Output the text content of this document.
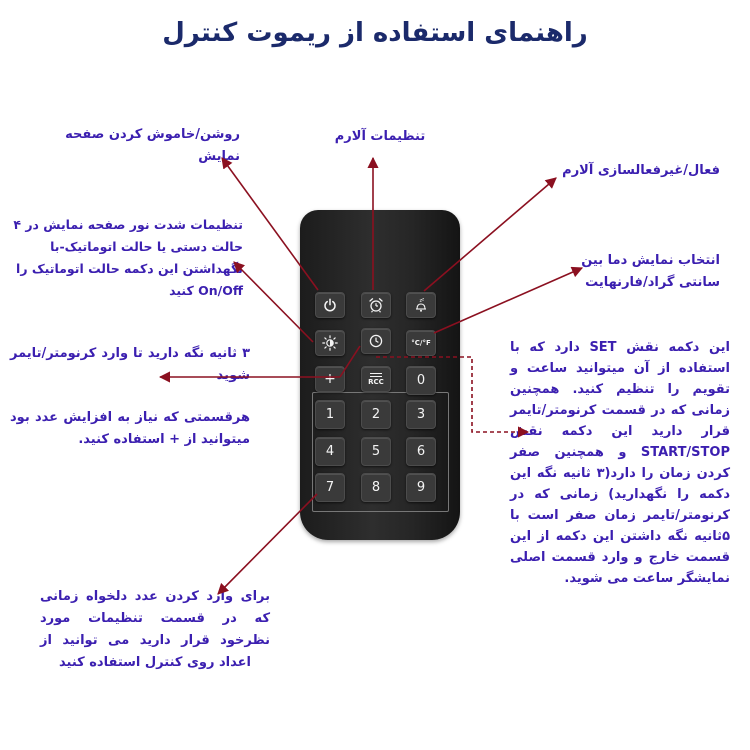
راهنمای استفاده از ریموت کنترل
روشن/خاموش کردن صفحه نمایش
تنظیمات آلارم
فعال/غیرفعالسازی آلارم
تنظیمات شدت نور صفحه نمایش در ۴ حالت دستی یا حالت اتوماتیک-با نگهداشتن این دکمه حالت اتوماتیک را On/Off کنید
انتخاب نمایش دما بین سانتی گراد/فارنهایت
این دکمه نقش SET دارد که با استفاده از آن میتوانید ساعت و تقویم را تنظیم کنید. همچنین زمانی که در قسمت کرنومتر/تایمر قرار دارید این دکمه نقش START/STOP و همچنین صفر کردن زمان را دارد(۳ ثانیه نگه این دکمه را نگهدارید) زمانی که در کرنومتر/تایمر زمان صفر است با ۵ثانیه نگه داشتن این دکمه از این قسمت خارج و وارد قسمت اصلی نمایشگر ساعت می شوید.
۳ ثانیه نگه دارید تا وارد کرنومتر/تایمر شوید
هرقسمتی که نیاز به افزایش عدد بود میتوانید از + استفاده کنید.
برای وارد کردن عدد دلخواه زمانی که در قسمت تنظیمات مورد نظرخود قرار دارید می توانید از اعداد روی کنترل استفاده کنید
z z
°C/°F
+	RCC	0
1	2	3
4	5	6
7	8	9
